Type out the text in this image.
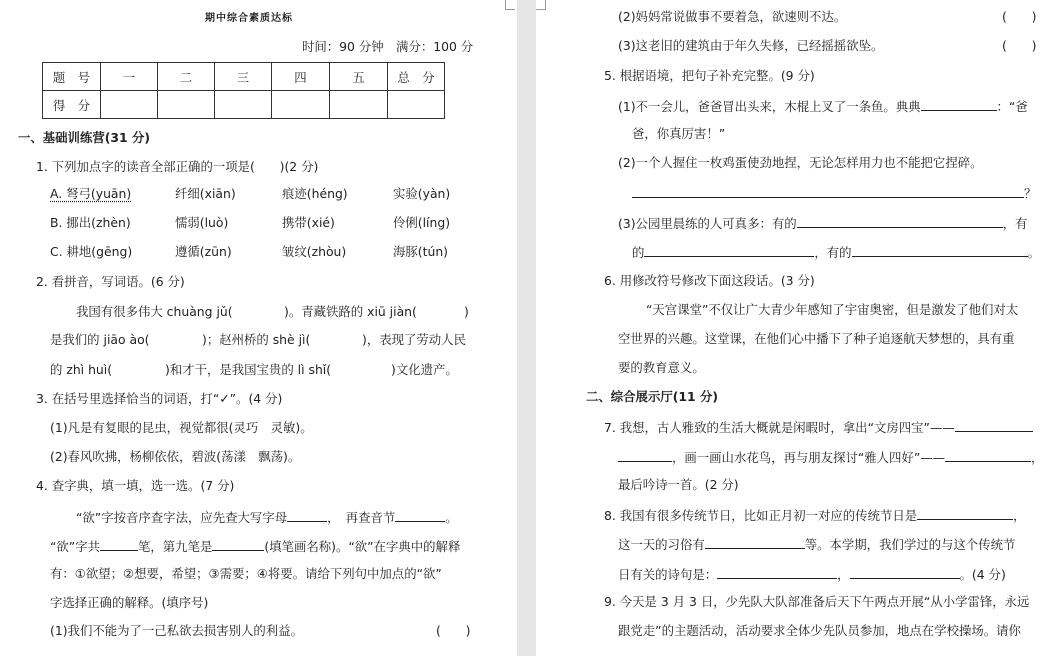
期中综合素质达标
时间：90 分钟　满分：100 分
题　号	一	二	三	四	五	总　分
得　分						
一、基础训练营(31 分)
1. 下列加点字的读音全部正确的一项是(　　)(2 分)
A. 弩弓(yuān)	纤细(xiān)	痕迹(héng)	实验(yàn)
B. 挪出(zhèn)	懦弱(luò)	携带(xié)	伶俐(líng)
C. 耕地(gēng)	遵循(zūn)	皱纹(zhòu)	海豚(tún)
2. 看拼音，写词语。(6 分)
我国有很多伟大 chuàng jǔ(	)。青藏铁路的 xiū jiàn(	)
是我们的 jiāo ào(	)；赵州桥的 shè jì(	)，表现了劳动人民
的 zhì huì(	)和才干，是我国宝贵的 lì shǐ(	)文化遗产。
3. 在括号里选择恰当的词语，打“✓”。(4 分)
(1)凡是有复眼的昆虫，视觉都很(灵巧　灵敏)。
(2)春风吹拂，杨柳依依，碧波(荡漾　飘荡)。
4. 查字典，填一填，选一选。(7 分)
“欲”字按音序查字法，应先查大写字母	，　再查音节	。
“欲”字共	笔，第九笔是	(填笔画名称)。“欲”在字典中的解释
有：①欲望；②想要，希望；③需要；④将要。请给下列句中加点的“欲”
字选择正确的解释。(填序号)
(1)我们不能为了一己私欲去损害别人的利益。	(　　)
(2)妈妈常说做事不要着急，欲速则不达。	(　　)
(3)这老旧的建筑由于年久失修，已经摇摇欲坠。	(　　)
5. 根据语境，把句子补充完整。(9 分)
(1)不一会儿，爸爸冒出头来，木棍上叉了一条鱼。典典	：“爸
爸，你真厉害！”
(2)一个人握住一枚鸡蛋使劲地捏，无论怎样用力也不能把它捏碎。
？
(3)公园里晨练的人可真多：有的	，有
的	，有的	。
6. 用修改符号修改下面这段话。(3 分)
“天宫课堂”不仅让广大青少年感知了宇宙奥密，但是激发了他们对太
空世界的兴趣。这堂课，在他们心中播下了种子追逐航天梦想的，具有重
要的教育意义。
二、综合展示厅(11 分)
7. 我想，古人雅致的生活大概就是闲暇时，拿出“文房四宝”——
，画一画山水花鸟，再与朋友探讨“雅人四好”——	，
最后吟诗一首。(2 分)
8. 我国有很多传统节日，比如正月初一对应的传统节日是	，
这一天的习俗有	等。本学期，我们学过的与这个传统节
日有关的诗句是：	，	。(4 分)
9. 今天是 3 月 3 日，少先队大队部准备后天下午两点开展“从小学雷锋，永远
跟党走”的主题活动，活动要求全体少先队员参加，地点在学校操场。请你
